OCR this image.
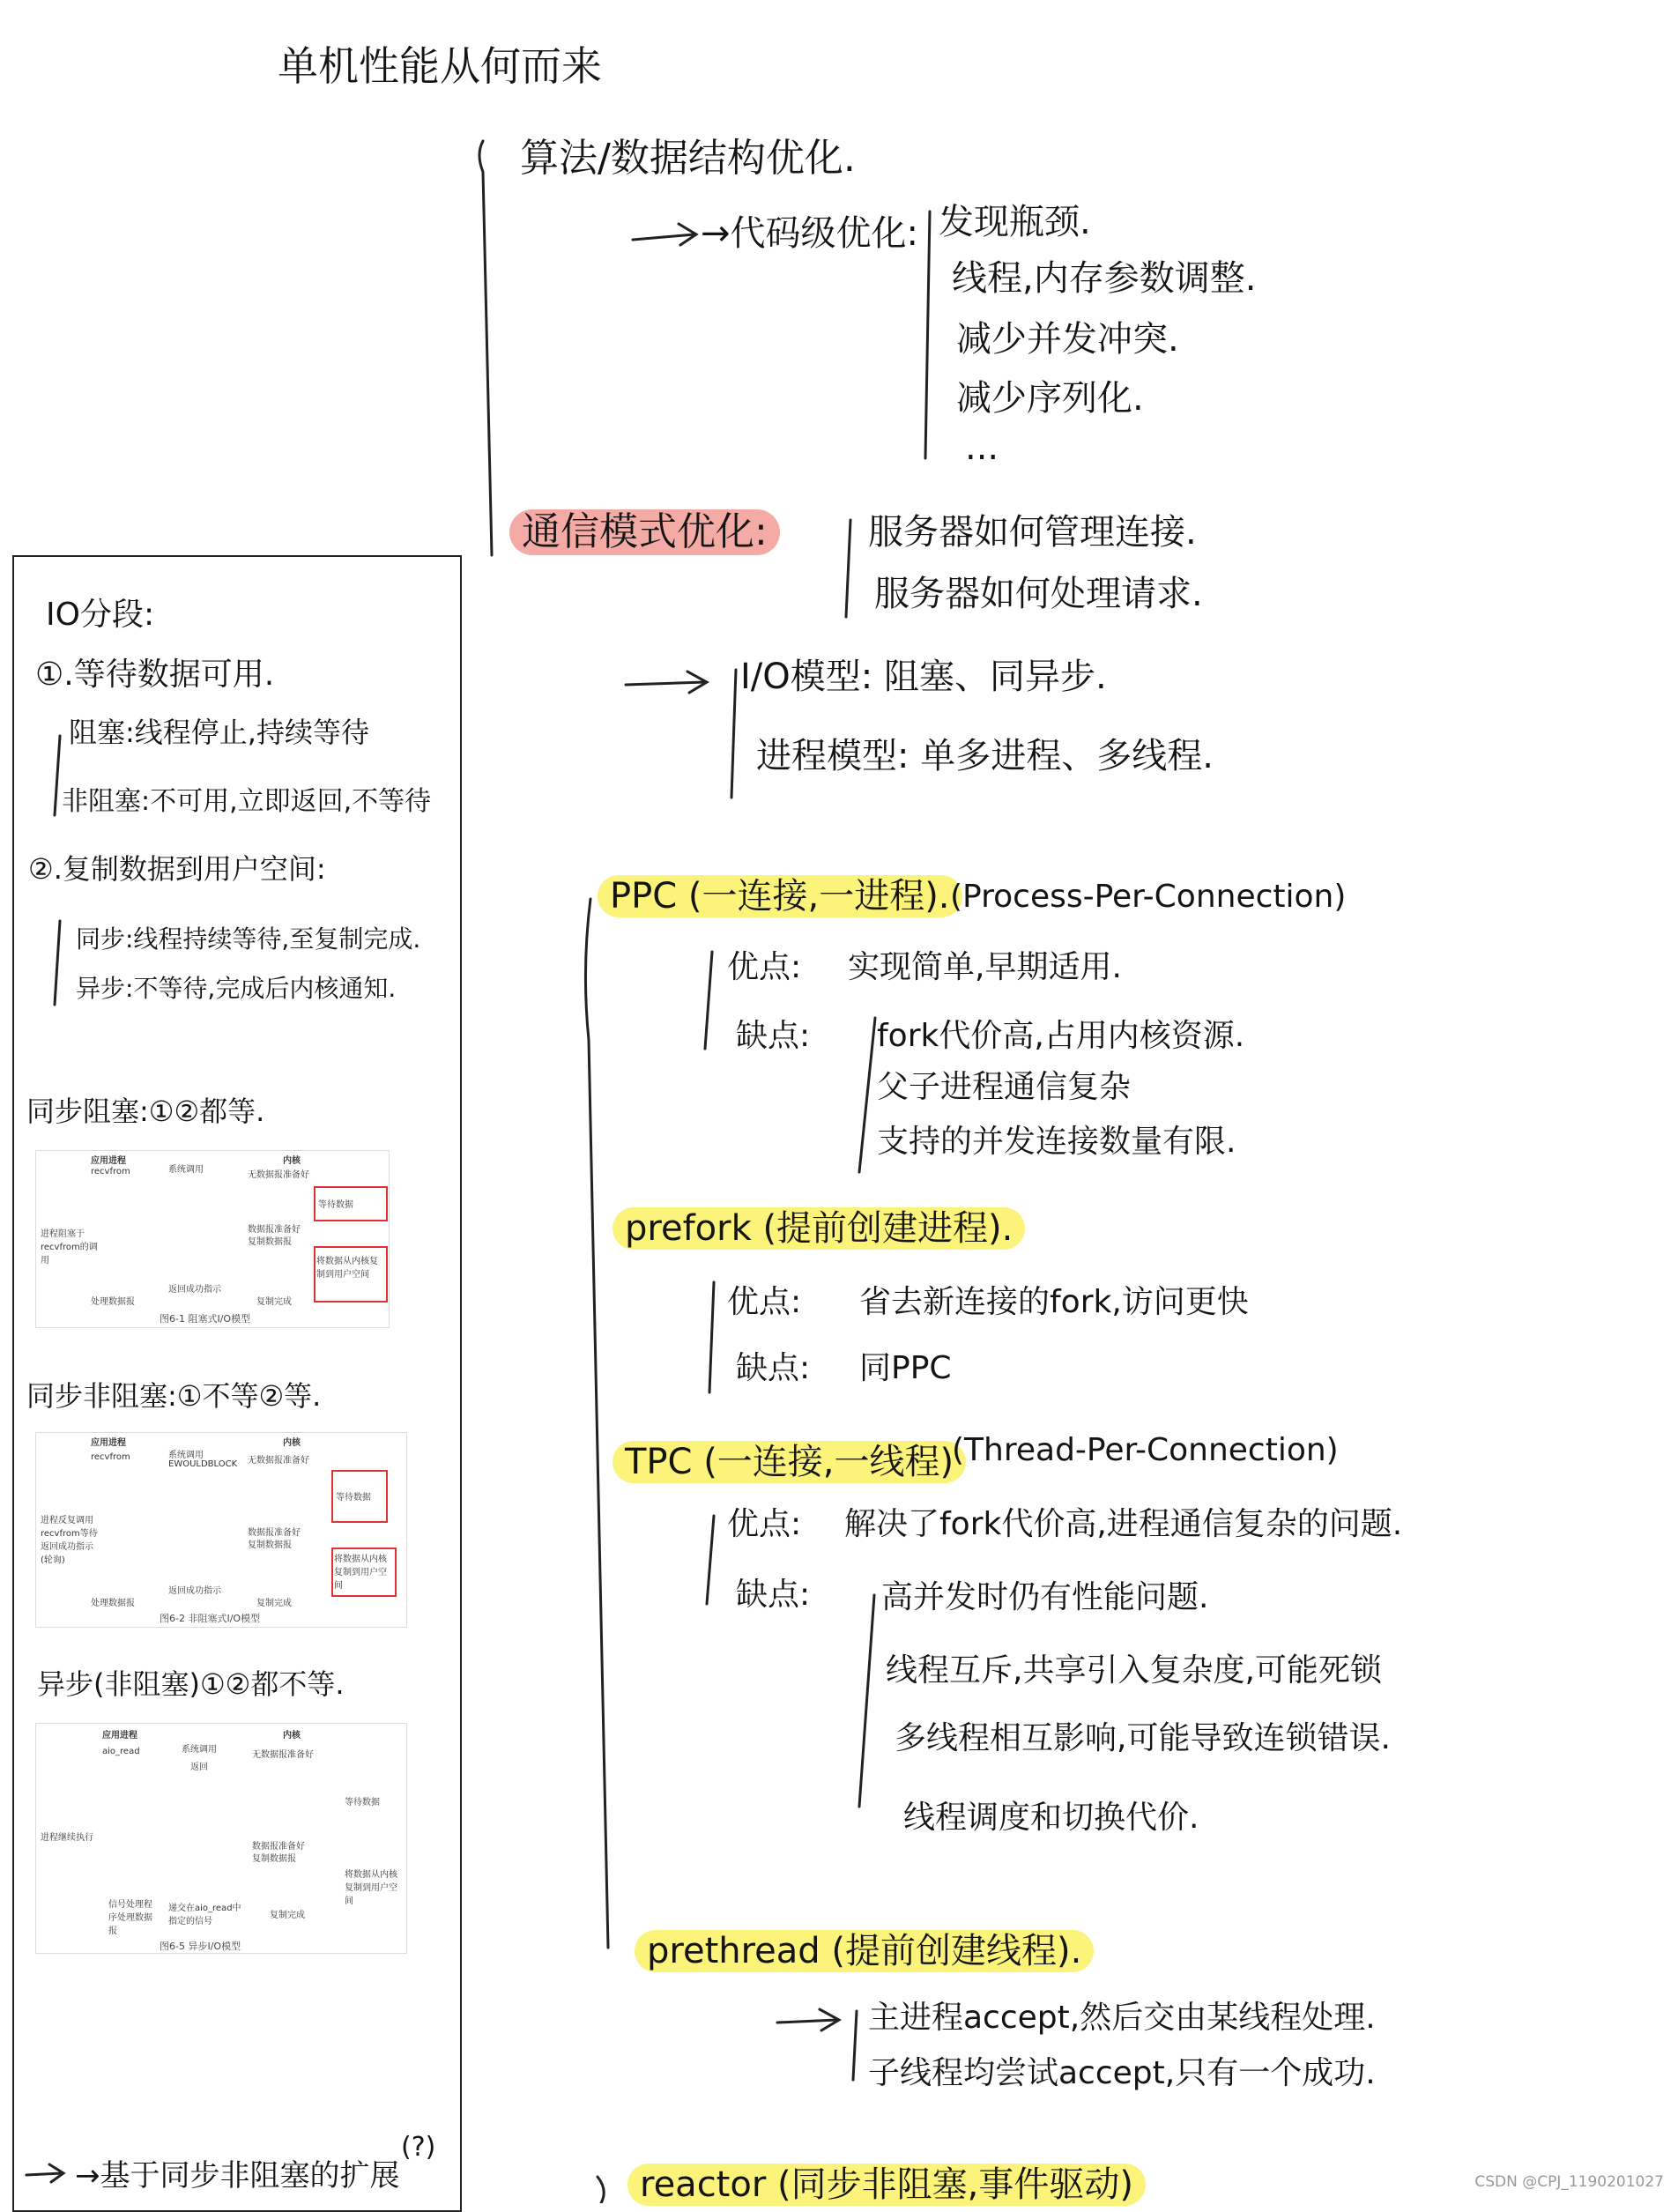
单机性能从何而来
算法/数据结构优化.
→代码级优化: 发现瓶颈.
线程,内存参数调整.
减少并发冲突.
减少序列化.
...
通信模式优化:	服务器如何管理连接.
服务器如何处理请求.
I/O模型: 阻塞、同异步.
进程模型: 单多进程、多线程.
PPC (一连接,一进程). (Process-Per-Connection)
优点: 实现简单,早期适用.
缺点: fork代价高,占用内核资源.
父子进程通信复杂
支持的并发连接数量有限.
prefork (提前创建进程).
优点: 省去新连接的fork,访问更快
缺点: 同PPC
TPC (一连接,一线程)
(Thread-Per-Connection)
优点: 解决了fork代价高,进程通信复杂的问题.
缺点: 高并发时仍有性能问题.
线程互斥,共享引入复杂度,可能死锁
多线程相互影响,可能导致连锁错误.
线程调度和切换代价.
prethread (提前创建线程).
主进程accept,然后交由某线程处理.
子线程均尝试accept,只有一个成功.
reactor (同步非阻塞,事件驱动)
IO分段:
①.等待数据可用.
阻塞:线程停止,持续等待
非阻塞:不可用,立即返回,不等待
②.复制数据到用户空间:
同步:线程持续等待,至复制完成.
异步:不等待,完成后内核通知.
同步阻塞:①②都等.
应用进程	内核
recvfrom	系统调用
无数据报准备好
进程阻塞于recvfrom的调用
等待数据
数据报准备好
复制数据报
将数据从内核复制到用户空间
返回成功指示
处理数据报	复制完成
图6-1 阻塞式I/O模型
同步非阻塞:①不等②等.
应用进程	内核
recvfrom	系统调用
EWOULDBLOCK 无数据报准备好
进程反复调用recvfrom等待返回成功指示(轮询)
等待数据
数据报准备好
复制数据报
将数据从内核复制到用户空间
返回成功指示
处理数据报	复制完成
图6-2 非阻塞式I/O模型
异步(非阻塞)①②都不等.
应用进程	内核
aio_read	系统调用
返回
无数据报准备好
进程继续执行
等待数据
数据报准备好
复制数据报
将数据从内核复制到用户空间
信号处理程序处理数据报
递交在aio_read中指定的信号
复制完成
图6-5 异步I/O模型
→基于同步非阻塞的扩展
(?)
CSDN @CPJ_1190201027
